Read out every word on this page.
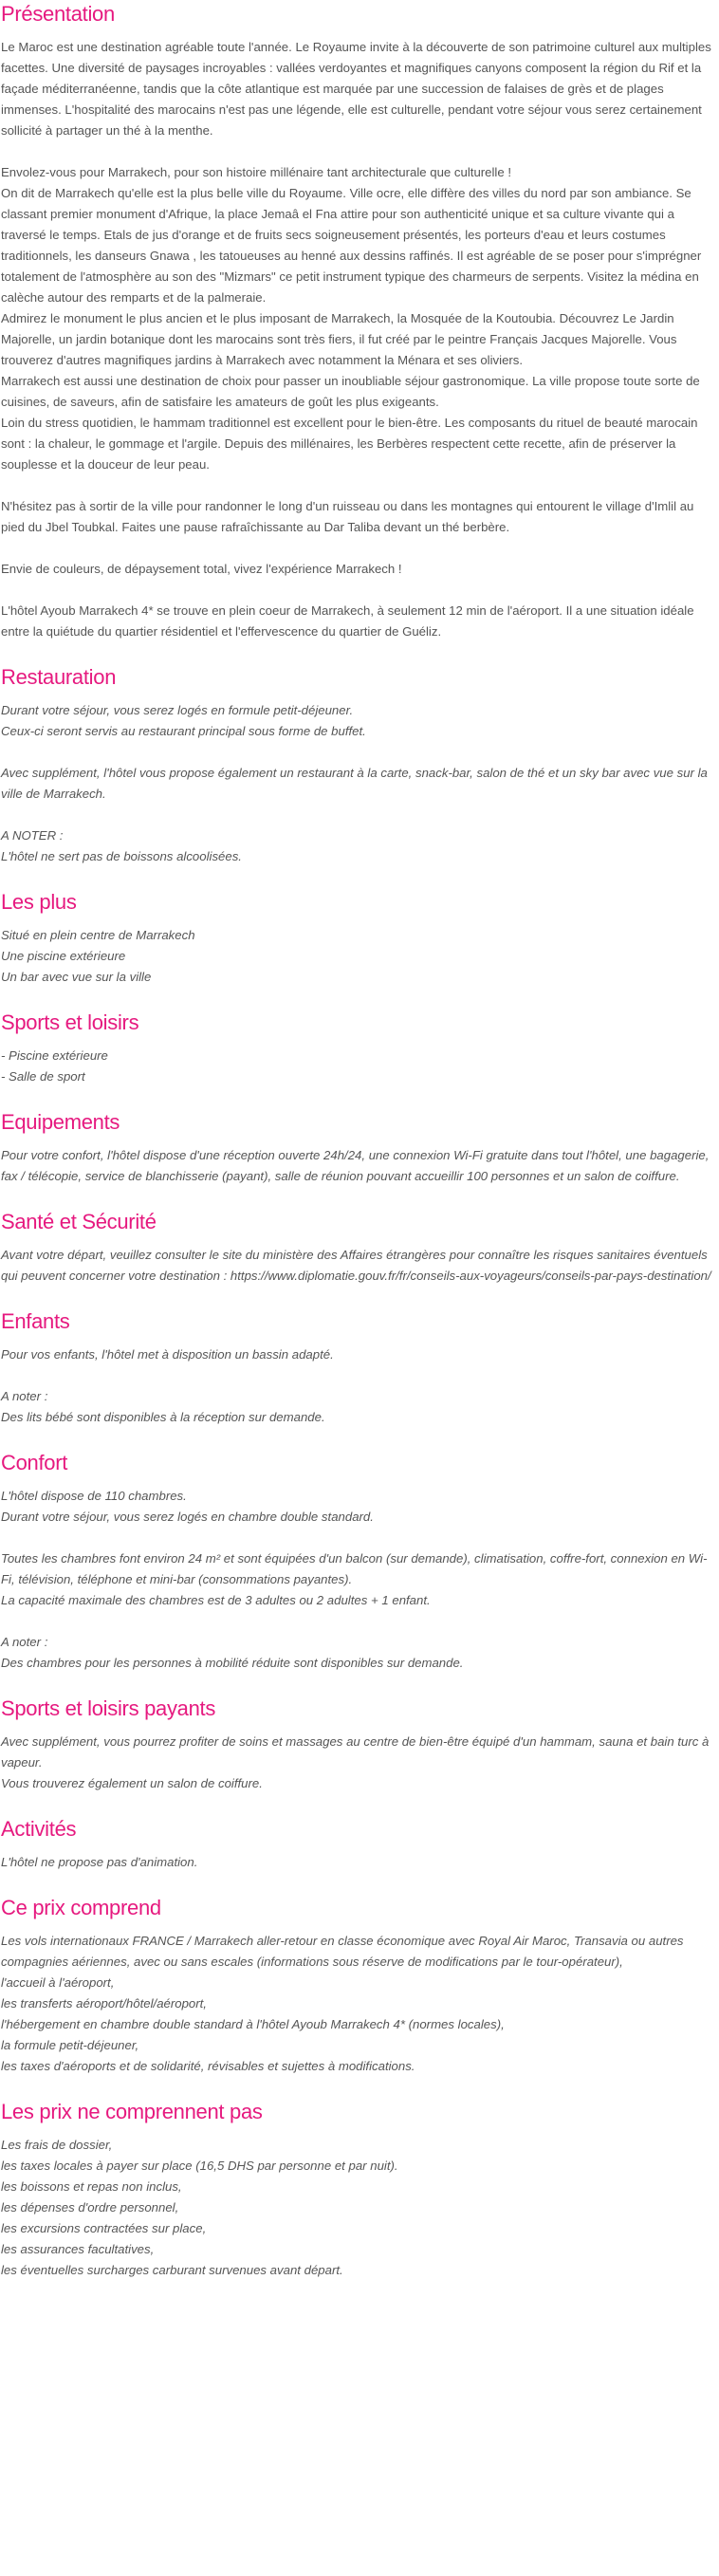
Présentation
Le Maroc est une destination agréable toute l'année. Le Royaume invite à la découverte de son patrimoine culturel aux multiples facettes. Une diversité de paysages incroyables : vallées verdoyantes et magnifiques canyons composent la région du Rif et la façade méditerranéenne, tandis que la côte atlantique est marquée par une succession de falaises de grès et de plages immenses. L'hospitalité des marocains n'est pas une légende, elle est culturelle, pendant votre séjour vous serez certainement sollicité à partager un thé à la menthe.
Envolez-vous pour Marrakech, pour son histoire millénaire tant architecturale que culturelle !
On dit de Marrakech qu'elle est la plus belle ville du Royaume. Ville ocre, elle diffère des villes du nord par son ambiance. Se classant premier monument d'Afrique, la place Jemaâ el Fna attire pour son authenticité unique et sa culture vivante qui a traversé le temps. Etals de jus d'orange et de fruits secs soigneusement présentés, les porteurs d'eau et leurs costumes traditionnels, les danseurs Gnawa , les tatoueuses au henné aux dessins raffinés. Il est agréable de se poser pour s'imprégner totalement de l'atmosphère au son des "Mizmars" ce petit instrument typique des charmeurs de serpents. Visitez la médina en calèche autour des remparts et de la palmeraie.
Admirez le monument le plus ancien et le plus imposant de Marrakech, la Mosquée de la Koutoubia. Découvrez Le Jardin Majorelle, un jardin botanique dont les marocains sont très fiers, il fut créé par le peintre Français Jacques Majorelle. Vous trouverez d'autres magnifiques jardins à Marrakech avec notamment la Ménara et ses oliviers.
Marrakech est aussi une destination de choix pour passer un inoubliable séjour gastronomique. La ville propose toute sorte de cuisines, de saveurs, afin de satisfaire les amateurs de goût les plus exigeants.
Loin du stress quotidien, le hammam traditionnel est excellent pour le bien-être. Les composants du rituel de beauté marocain sont : la chaleur, le gommage et l'argile. Depuis des millénaires, les Berbères respectent cette recette, afin de préserver la souplesse et la douceur de leur peau.
N'hésitez pas à sortir de la ville pour randonner le long d'un ruisseau ou dans les montagnes qui entourent le village d'Imlil au pied du Jbel Toubkal. Faites une pause rafraîchissante au Dar Taliba devant un thé berbère.
Envie de couleurs, de dépaysement total, vivez l'expérience Marrakech !
L'hôtel Ayoub Marrakech 4* se trouve en plein coeur de Marrakech, à seulement 12 min de l'aéroport. Il a une situation idéale entre la quiétude du quartier résidentiel et l'effervescence du quartier de Guéliz.
Restauration
Durant votre séjour, vous serez logés en formule petit-déjeuner.
Ceux-ci seront servis au restaurant principal sous forme de buffet.
Avec supplément, l'hôtel vous propose également un restaurant à la carte, snack-bar, salon de thé et un sky bar avec vue sur la ville de Marrakech.
A NOTER :
L'hôtel ne sert pas de boissons alcoolisées.
Les plus
Situé en plein centre de Marrakech
Une piscine extérieure
Un bar avec vue sur la ville
Sports et loisirs
- Piscine extérieure
- Salle de sport
Equipements
Pour votre confort, l'hôtel dispose d'une réception ouverte 24h/24, une connexion Wi-Fi gratuite dans tout l'hôtel, une bagagerie, fax / télécopie, service de blanchisserie (payant), salle de réunion pouvant accueillir 100 personnes et un salon de coiffure.
Santé et Sécurité
Avant votre départ, veuillez consulter le site du ministère des Affaires étrangères pour connaître les risques sanitaires éventuels qui peuvent concerner votre destination : https://www.diplomatie.gouv.fr/fr/conseils-aux-voyageurs/conseils-par-pays-destination/
Enfants
Pour vos enfants, l'hôtel met à disposition un bassin adapté.
A noter :
Des lits bébé sont disponibles à la réception sur demande.
Confort
L'hôtel dispose de 110 chambres.
Durant votre séjour, vous serez logés en chambre double standard.
Toutes les chambres font environ 24 m² et sont équipées d'un balcon (sur demande), climatisation, coffre-fort, connexion en Wi-Fi, télévision, téléphone et mini-bar (consommations payantes).
La capacité maximale des chambres est de 3 adultes ou 2 adultes + 1 enfant.
A noter :
Des chambres pour les personnes à mobilité réduite sont disponibles sur demande.
Sports et loisirs payants
Avec supplément, vous pourrez profiter de soins et massages au centre de bien-être équipé d'un hammam, sauna et bain turc à vapeur.
Vous trouverez également un salon de coiffure.
Activités
L'hôtel ne propose pas d'animation.
Ce prix comprend
Les vols internationaux FRANCE / Marrakech aller-retour en classe économique avec Royal Air Maroc, Transavia ou autres compagnies aériennes, avec ou sans escales (informations sous réserve de modifications par le tour-opérateur),
l'accueil à l'aéroport,
les transferts aéroport/hôtel/aéroport,
l'hébergement en chambre double standard à l'hôtel Ayoub Marrakech 4* (normes locales),
la formule petit-déjeuner,
les taxes d'aéroports et de solidarité, révisables et sujettes à modifications.
Les prix ne comprennent pas
Les frais de dossier,
les taxes locales à payer sur place (16,5 DHS par personne et par nuit).
les boissons et repas non inclus,
les dépenses d'ordre personnel,
les excursions contractées sur place,
les assurances facultatives,
les éventuelles surcharges carburant survenues avant départ.
